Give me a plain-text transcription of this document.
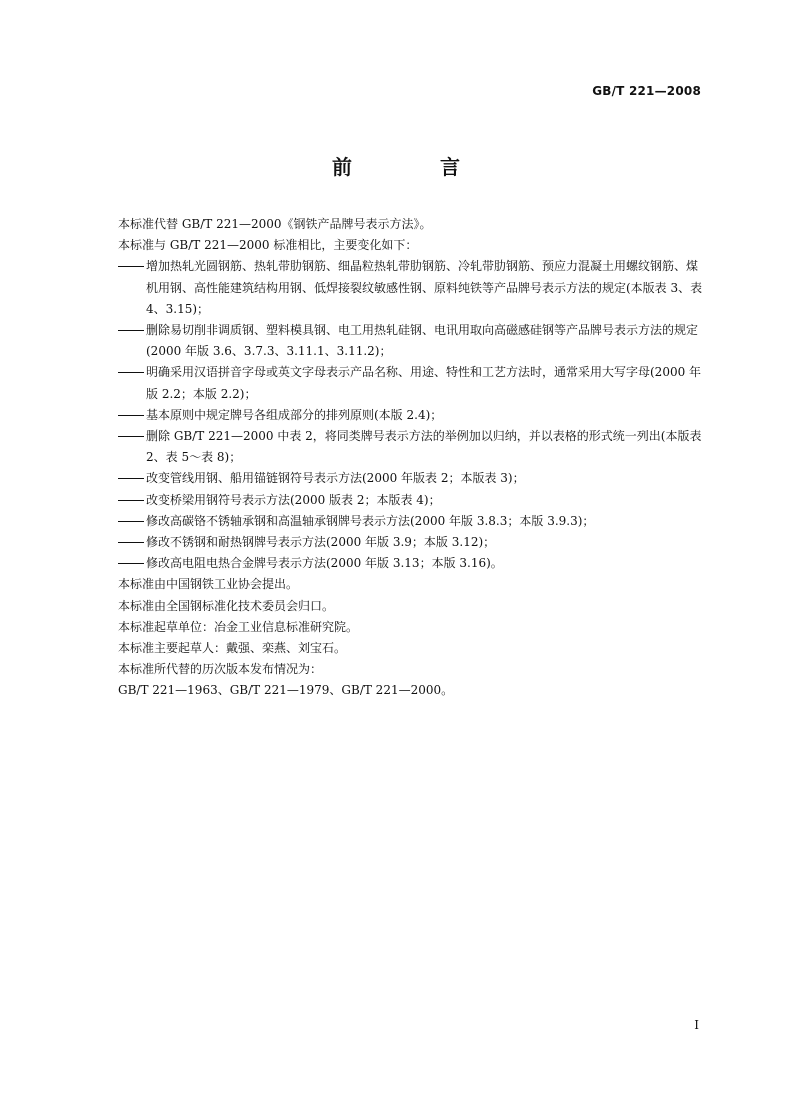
GB/T 221—2008
前　言

本标准代替 GB/T 221—2000《钢铁产品牌号表示方法》。

本标准与 GB/T 221—2000 标准相比，主要变化如下：

增加热轧光圆钢筋、热轧带肋钢筋、细晶粒热轧带肋钢筋、冷轧带肋钢筋、预应力混凝土用螺纹钢筋、煤机用钢、高性能建筑结构用钢、低焊接裂纹敏感性钢、原料纯铁等产品牌号表示方法的规定(本版表 3、表 4、3.15)；

删除易切削非调质钢、塑料模具钢、电工用热轧硅钢、电讯用取向高磁感硅钢等产品牌号表示方法的规定(2000 年版 3.6、3.7.3、3.11.1、3.11.2)；

明确采用汉语拼音字母或英文字母表示产品名称、用途、特性和工艺方法时，通常采用大写字母(2000 年版 2.2；本版 2.2)；

基本原则中规定牌号各组成部分的排列原则(本版 2.4)；

删除 GB/T 221—2000 中表 2，将同类牌号表示方法的举例加以归纳，并以表格的形式统一列出(本版表 2、表 5～表 8)；

改变管线用钢、船用锚链钢符号表示方法(2000 年版表 2；本版表 3)；

改变桥梁用钢符号表示方法(2000 版表 2；本版表 4)；

修改高碳铬不锈轴承钢和高温轴承钢牌号表示方法(2000 年版 3.8.3；本版 3.9.3)；

修改不锈钢和耐热钢牌号表示方法(2000 年版 3.9；本版 3.12)；

修改高电阻电热合金牌号表示方法(2000 年版 3.13；本版 3.16)。

本标准由中国钢铁工业协会提出。

本标准由全国钢标准化技术委员会归口。

本标准起草单位：冶金工业信息标准研究院。

本标准主要起草人：戴强、栾燕、刘宝石。

本标准所代替的历次版本发布情况为：

GB/T 221—1963、GB/T 221—1979、GB/T 221—2000。

I
